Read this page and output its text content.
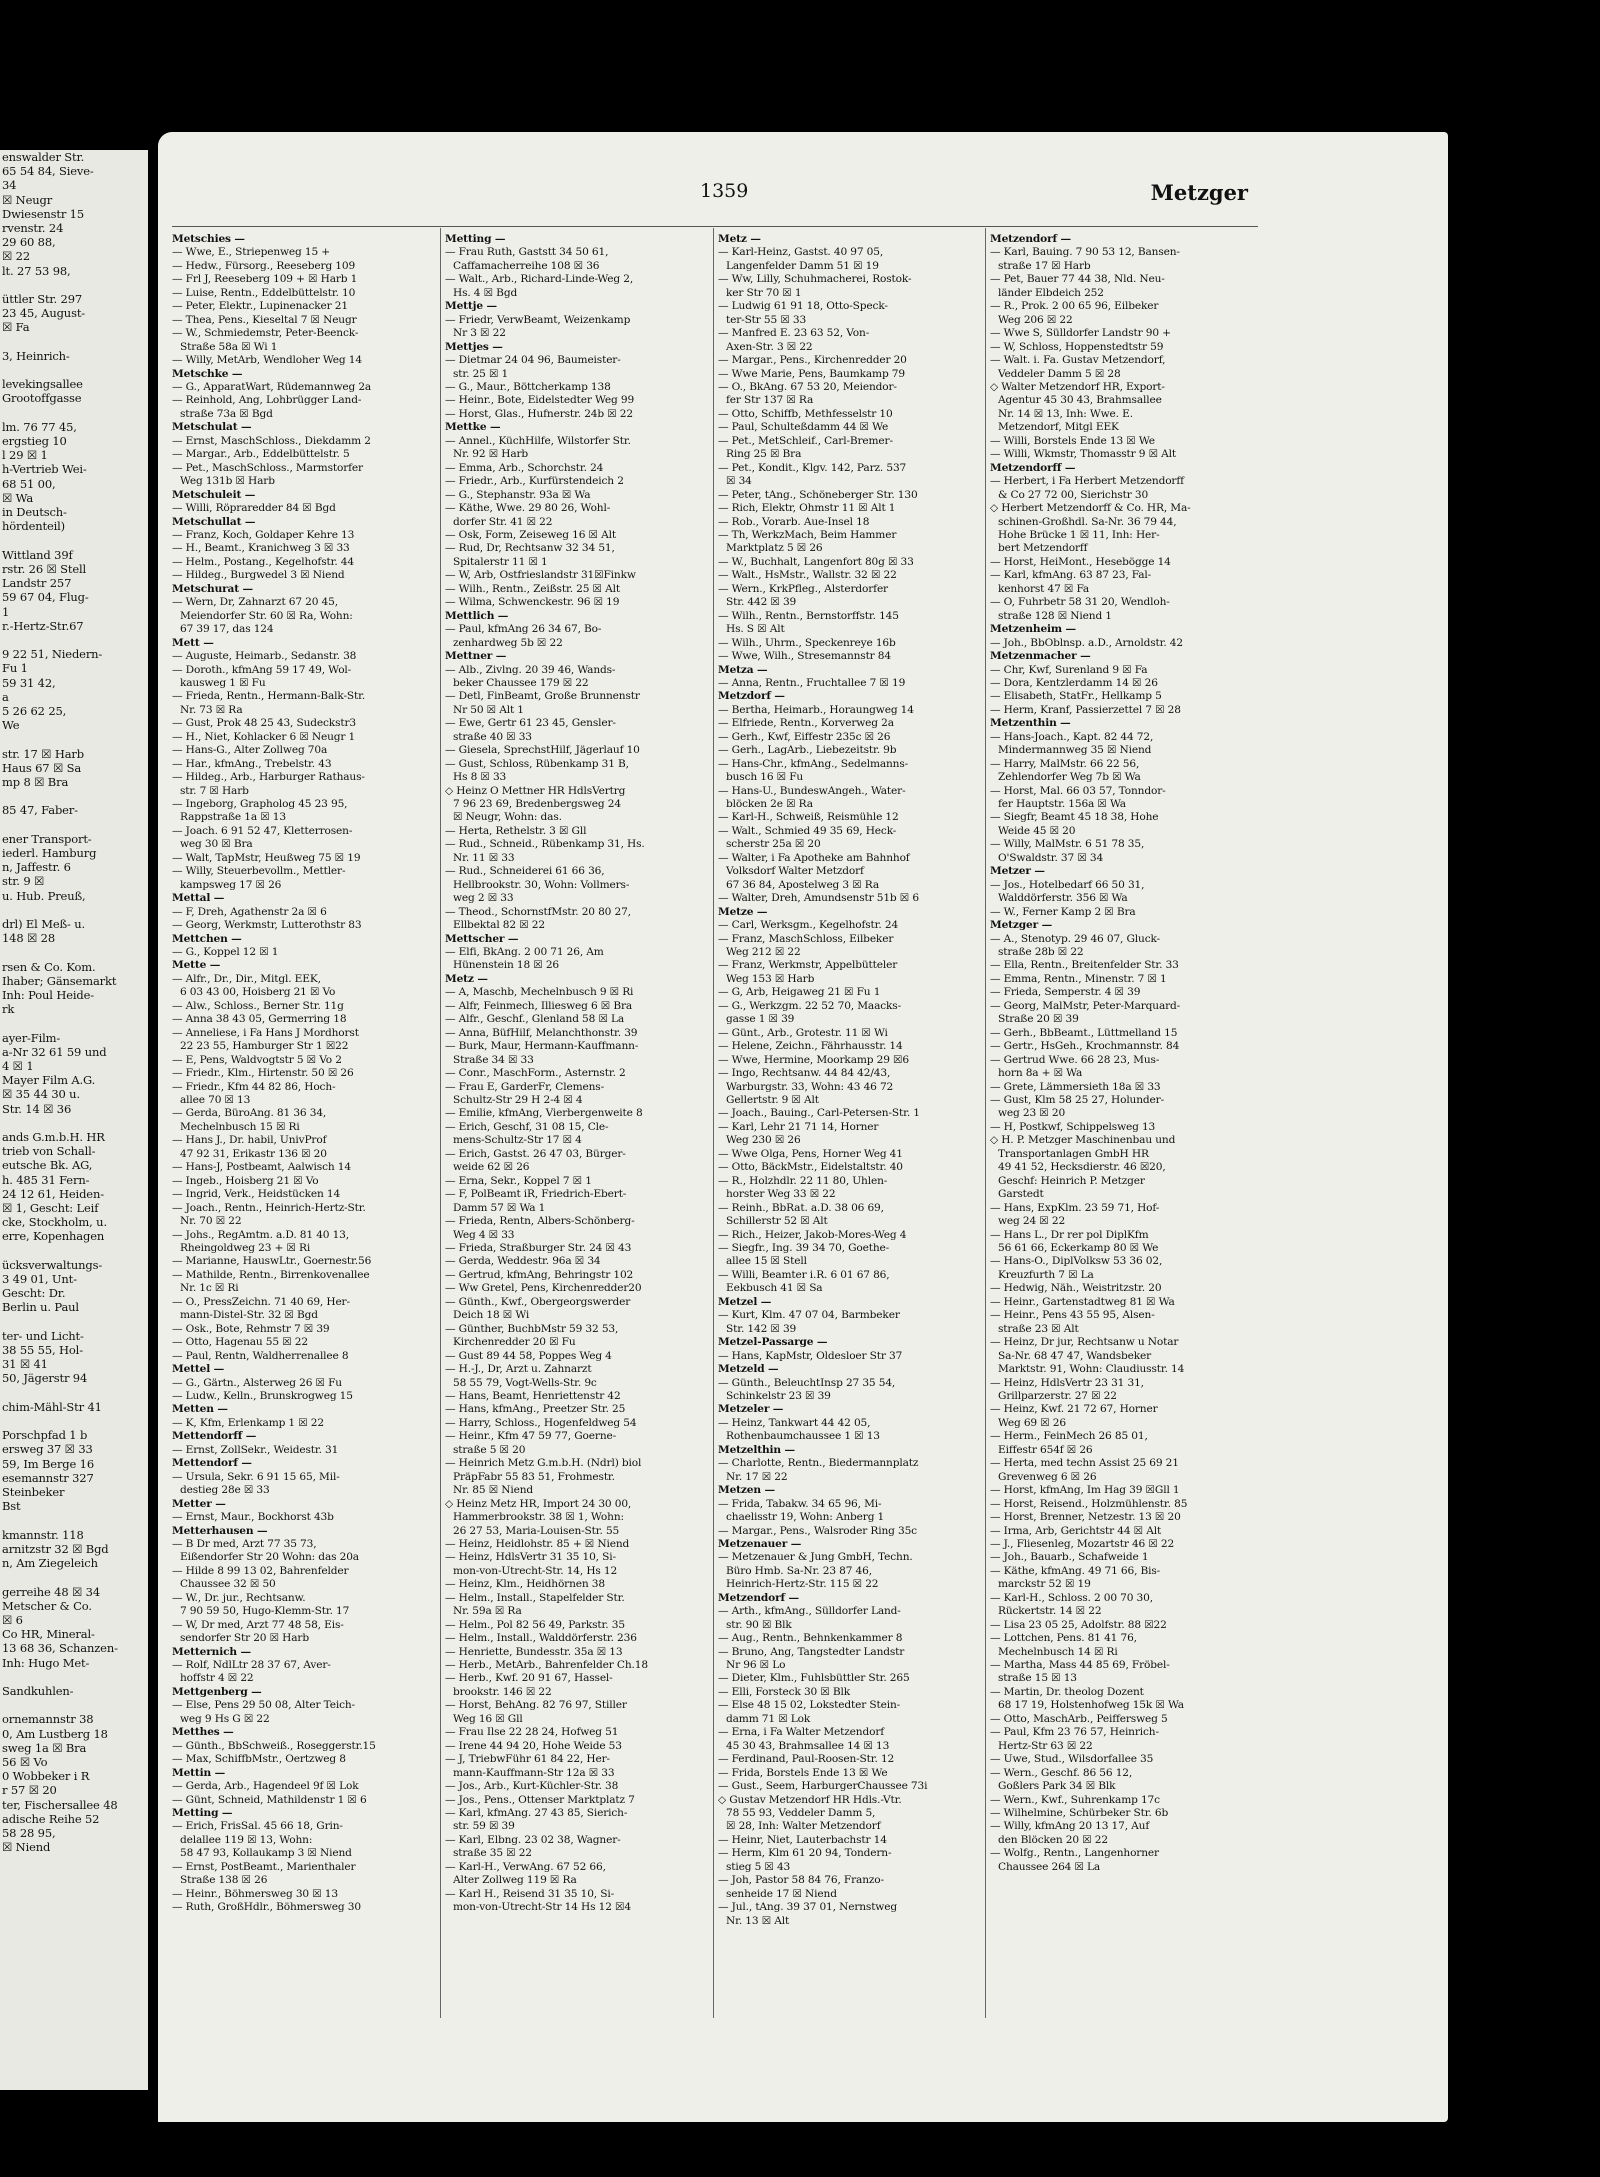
enswalder Str.
65 54 84, Sieve-
34
☒ Neugr
Dwiesenstr 15
rvenstr. 24
29 60 88,
☒ 22
lt. 27 53 98,

üttler Str. 297
23 45, August-
☒ Fa

3, Heinrich-

levekingsallee
Grootoffgasse

lm. 76 77 45,
ergstieg 10
l 29 ☒ 1
h-Vertrieb Wei-
68 51 00,
☒ Wa
in Deutsch-
hördenteil)

Wittland 39f
rstr. 26 ☒ Stell
Landstr 257
59 67 04, Flug-
1
r.-Hertz-Str.67

9 22 51, Niedern-
Fu 1
59 31 42,
a
5 26 62 25,
We

str. 17 ☒ Harb
Haus 67 ☒ Sa
mp 8 ☒ Bra

85 47, Faber-

ener Transport-
iederl. Hamburg
n, Jaffestr. 6
str. 9 ☒
u. Hub. Preuß,

drl) El Meß- u.
148 ☒ 28

rsen & Co. Kom.
Ihaber; Gänsemarkt
Inh: Poul Heide-
rk

ayer-Film-
a-Nr 32 61 59 und
4 ☒ 1
Mayer Film A.G.
☒ 35 44 30 u.
Str. 14 ☒ 36

ands G.m.b.H. HR
trieb von Schall-
eutsche Bk. AG,
h. 485 31 Fern-
24 12 61, Heiden-
☒ 1, Gescht: Leif
cke, Stockholm, u.
erre, Kopenhagen

ücksverwaltungs-
3 49 01, Unt-
Gescht: Dr.
Berlin u. Paul

ter- und Licht-
38 55 55, Hol-
31 ☒ 41
50, Jägerstr 94

chim-Mähl-Str 41

Porschpfad 1 b
ersweg 37 ☒ 33
59, Im Berge 16
esemannstr 327
Steinbeker
Bst

kmannstr. 118
arnitzstr 32 ☒ Bgd
n, Am Ziegeleich

gerreihe 48 ☒ 34
Metscher & Co.
☒ 6
Co HR, Mineral-
13 68 36, Schanzen-
Inh: Hugo Met-

Sandkuhlen-

ornemannstr 38
0, Am Lustberg 18
sweg 1a ☒ Bra
56 ☒ Vo
0 Wobbeker i R
r 57 ☒ 20
ter, Fischersallee 48
adische Reihe 52
58 28 95,
☒ Niend
1359	Metzger
Metschies —
— Wwe, E., Striepenweg 15 +
— Hedw., Fürsorg., Reeseberg 109
— Frl J, Reeseberg 109 + ☒ Harb 1
— Luise, Rentn., Eddelbüttelstr. 10
— Peter, Elektr., Lupinenacker 21
— Thea, Pens., Kieseltal 7 ☒ Neugr
— W., Schmiedemstr, Peter-Beenck-
Straße 58a ☒ Wi 1
— Willy, MetArb, Wendloher Weg 14
Metschke —
— G., ApparatWart, Rüdemannweg 2a
— Reinhold, Ang, Lohbrügger Land-
straße 73a ☒ Bgd
Metschulat —
— Ernst, MaschSchloss., Diekdamm 2
— Margar., Arb., Eddelbüttelstr. 5
— Pet., MaschSchloss., Marmstorfer
Weg 131b ☒ Harb
Metschuleit —
— Willi, Röpraredder 84 ☒ Bgd
Metschullat —
— Franz, Koch, Goldaper Kehre 13
— H., Beamt., Kranichweg 3 ☒ 33
— Helm., Postang., Kegelhofstr. 44
— Hildeg., Burgwedel 3 ☒ Niend
Metschurat —
— Wern, Dr, Zahnarzt 67 20 45,
Meiendorfer Str. 60 ☒ Ra, Wohn:
67 39 17, das 124
Mett —
— Auguste, Heimarb., Sedanstr. 38
— Doroth., kfmAng 59 17 49, Wol-
kausweg 1 ☒ Fu
— Frieda, Rentn., Hermann-Balk-Str.
Nr. 73 ☒ Ra
— Gust, Prok 48 25 43, Sudeckstr3
— H., Niet, Kohlacker 6 ☒ Neugr 1
— Hans-G., Alter Zollweg 70a
— Har., kfmAng., Trebelstr. 43
— Hildeg., Arb., Harburger Rathaus-
str. 7 ☒ Harb
— Ingeborg, Grapholog 45 23 95,
Rappstraße 1a ☒ 13
— Joach. 6 91 52 47, Kletterrosen-
weg 30 ☒ Bra
— Walt, TapMstr, Heußweg 75 ☒ 19
— Willy, Steuerbevollm., Mettler-
kampsweg 17 ☒ 26
Mettal —
— F, Dreh, Agathenstr 2a ☒ 6
— Georg, Werkmstr, Lutterothstr 83
Mettchen —
— G., Koppel 12 ☒ 1
Mette —
— Alfr., Dr., Dir., Mitgl. EEK,
6 03 43 00, Hoisberg 21 ☒ Vo
— Alw., Schloss., Berner Str. 11g
— Anna 38 43 05, Germerring 18
— Anneliese, i Fa Hans J Mordhorst
22 23 55, Hamburger Str 1 ☒22
— E, Pens, Waldvogtstr 5 ☒ Vo 2
— Friedr., Klm., Hirtenstr. 50 ☒ 26
— Friedr., Kfm 44 82 86, Hoch-
allee 70 ☒ 13
— Gerda, BüroAng. 81 36 34,
Mechelnbusch 15 ☒ Ri
— Hans J., Dr. habil, UnivProf
47 92 31, Erikastr 136 ☒ 20
— Hans-J, Postbeamt, Aalwisch 14
— Ingeb., Hoisberg 21 ☒ Vo
— Ingrid, Verk., Heidstücken 14
— Joach., Rentn., Heinrich-Hertz-Str.
Nr. 70 ☒ 22
— Johs., RegAmtm. a.D. 81 40 13,
Rheingoldweg 23 + ☒ Ri
— Marianne, HauswLtr., Goernestr.56
— Mathilde, Rentn., Birrenkovenallee
Nr. 1c ☒ Ri
— O., PressZeichn. 71 40 69, Her-
mann-Distel-Str. 32 ☒ Bgd
— Osk., Bote, Rehmstr 7 ☒ 39
— Otto, Hagenau 55 ☒ 22
— Paul, Rentn, Waldherrenallee 8
Mettel —
— G., Gärtn., Alsterweg 26 ☒ Fu
— Ludw., Kelln., Brunskrogweg 15
Metten —
— K, Kfm, Erlenkamp 1 ☒ 22
Mettendorff —
— Ernst, ZollSekr., Weidestr. 31
Mettendorf —
— Ursula, Sekr. 6 91 15 65, Mil-
destieg 28e ☒ 33
Metter —
— Ernst, Maur., Bockhorst 43b
Metterhausen —
— B Dr med, Arzt 77 35 73,
Eißendorfer Str 20 Wohn: das 20a
— Hilde 8 99 13 02, Bahrenfelder
Chaussee 32 ☒ 50
— W., Dr. jur., Rechtsanw.
7 90 59 50, Hugo-Klemm-Str. 17
— W, Dr med, Arzt 77 48 58, Eis-
sendorfer Str 20 ☒ Harb
Metternich —
— Rolf, NdlLtr 28 37 67, Aver-
hoffstr 4 ☒ 22
Mettgenberg —
— Else, Pens 29 50 08, Alter Teich-
weg 9 Hs G ☒ 22
Metthes —
— Günth., BbSchweiß., Roseggerstr.15
— Max, SchiffbMstr., Oertzweg 8
Mettin —
— Gerda, Arb., Hagendeel 9f ☒ Lok
— Günt, Schneid, Mathildenstr 1 ☒ 6
Metting —
— Erich, FrisSal. 45 66 18, Grin-
delallee 119 ☒ 13, Wohn:
58 47 93, Kollaukamp 3 ☒ Niend
— Ernst, PostBeamt., Marienthaler
Straße 138 ☒ 26
— Heinr., Böhmersweg 30 ☒ 13
— Ruth, GroßHdlr., Böhmersweg 30
Metting —
— Frau Ruth, Gaststt 34 50 61,
Caffamacherreihe 108 ☒ 36
— Walt., Arb., Richard-Linde-Weg 2,
Hs. 4 ☒ Bgd
Mettje —
— Friedr, VerwBeamt, Weizenkamp
Nr 3 ☒ 22
Mettjes —
— Dietmar 24 04 96, Baumeister-
str. 25 ☒ 1
— G., Maur., Böttcherkamp 138
— Heinr., Bote, Eidelstedter Weg 99
— Horst, Glas., Hufnerstr. 24b ☒ 22
Mettke —
— Annel., KüchHilfe, Wilstorfer Str.
Nr. 92 ☒ Harb
— Emma, Arb., Schorchstr. 24
— Friedr., Arb., Kurfürstendeich 2
— G., Stephanstr. 93a ☒ Wa
— Käthe, Wwe. 29 80 26, Wohl-
dorfer Str. 41 ☒ 22
— Osk, Form, Zeiseweg 16 ☒ Alt
— Rud, Dr, Rechtsanw 32 34 51,
Spitalerstr 11 ☒ 1
— W, Arb, Ostfrieslandstr 31☒Finkw
— Wilh., Rentn., Zeißstr. 25 ☒ Alt
— Wilma, Schwenckestr. 96 ☒ 19
Mettlich —
— Paul, kfmAng 26 34 67, Bo-
zenhardweg 5b ☒ 22
Mettner —
— Alb., Zivlng. 20 39 46, Wands-
beker Chaussee 179 ☒ 22
— Detl, FinBeamt, Große Brunnenstr
Nr 50 ☒ Alt 1
— Ewe, Gertr 61 23 45, Gensler-
straße 40 ☒ 33
— Giesela, SprechstHilf, Jägerlauf 10
— Gust, Schloss, Rübenkamp 31 B,
Hs 8 ☒ 33
◇ Heinz O Mettner HR HdlsVertrg
7 96 23 69, Bredenbergsweg 24
☒ Neugr, Wohn: das.
— Herta, Rethelstr. 3 ☒ Gll
— Rud., Schneid., Rübenkamp 31, Hs.
Nr. 11 ☒ 33
— Rud., Schneiderei 61 66 36,
Hellbrookstr. 30, Wohn: Vollmers-
weg 2 ☒ 33
— Theod., SchornstfMstr. 20 80 27,
Ellbektal 82 ☒ 22
Mettscher —
— Elfi, BkAng. 2 00 71 26, Am
Hünenstein 18 ☒ 26
Metz —
— A, Maschb, Mechelnbusch 9 ☒ Ri
— Alfr, Feinmech, Illiesweg 6 ☒ Bra
— Alfr., Geschf., Glenland 58 ☒ La
— Anna, BüfHilf, Melanchthonstr. 39
— Burk, Maur, Hermann-Kauffmann-
Straße 34 ☒ 33
— Conr., MaschForm., Asternstr. 2
— Frau E, GarderFr, Clemens-
Schultz-Str 29 H 2-4 ☒ 4
— Emilie, kfmAng, Vierbergenweite 8
— Erich, Geschf, 31 08 15, Cle-
mens-Schultz-Str 17 ☒ 4
— Erich, Gastst. 26 47 03, Bürger-
weide 62 ☒ 26
— Erna, Sekr., Koppel 7 ☒ 1
— F, PolBeamt iR, Friedrich-Ebert-
Damm 57 ☒ Wa 1
— Frieda, Rentn, Albers-Schönberg-
Weg 4 ☒ 33
— Frieda, Straßburger Str. 24 ☒ 43
— Gerda, Weddestr. 96a ☒ 34
— Gertrud, kfmAng, Behringstr 102
— Ww Gretel, Pens, Kirchenredder20
— Günth., Kwf., Obergeorgswerder
Deich 18 ☒ Wi
— Günther, BuchbMstr 59 32 53,
Kirchenredder 20 ☒ Fu
— Gust 89 44 58, Poppes Weg 4
— H.-J., Dr, Arzt u. Zahnarzt
58 55 79, Vogt-Wells-Str. 9c
— Hans, Beamt, Henriettenstr 42
— Hans, kfmAng., Preetzer Str. 25
— Harry, Schloss., Hogenfeldweg 54
— Heinr., Kfm 47 59 77, Goerne-
straße 5 ☒ 20
— Heinrich Metz G.m.b.H. (Ndrl) biol
PräpFabr 55 83 51, Frohmestr.
Nr. 85 ☒ Niend
◇ Heinz Metz HR, Import 24 30 00,
Hammerbrookstr. 38 ☒ 1, Wohn:
26 27 53, Maria-Louisen-Str. 55
— Heinz, Heidlohstr. 85 + ☒ Niend
— Heinz, HdlsVertr 31 35 10, Si-
mon-von-Utrecht-Str. 14, Hs 12
— Heinz, Klm., Heidhörnen 38
— Helm., Install., Stapelfelder Str.
Nr. 59a ☒ Ra
— Helm., Pol 82 56 49, Parkstr. 35
— Helm., Install., Walddörferstr. 236
— Henriette, Bundesstr. 35a ☒ 13
— Herb., MetArb., Bahrenfelder Ch.18
— Herb., Kwf. 20 91 67, Hassel-
brookstr. 146 ☒ 22
— Horst, BehAng. 82 76 97, Stiller
Weg 16 ☒ Gll
— Frau Ilse 22 28 24, Hofweg 51
— Irene 44 94 20, Hohe Weide 53
— J, TriebwFühr 61 84 22, Her-
mann-Kauffmann-Str 12a ☒ 33
— Jos., Arb., Kurt-Küchler-Str. 38
— Jos., Pens., Ottenser Marktplatz 7
— Karl, kfmAng. 27 43 85, Sierich-
str. 59 ☒ 39
— Karl, Elbng. 23 02 38, Wagner-
straße 35 ☒ 22
— Karl-H., VerwAng. 67 52 66,
Alter Zollweg 119 ☒ Ra
— Karl H., Reisend 31 35 10, Si-
mon-von-Utrecht-Str 14 Hs 12 ☒4
Metz —
— Karl-Heinz, Gastst. 40 97 05,
Langenfelder Damm 51 ☒ 19
— Ww, Lilly, Schuhmacherei, Rostok-
ker Str 70 ☒ 1
— Ludwig 61 91 18, Otto-Speck-
ter-Str 55 ☒ 33
— Manfred E. 23 63 52, Von-
Axen-Str. 3 ☒ 22
— Margar., Pens., Kirchenredder 20
— Wwe Marie, Pens, Baumkamp 79
— O., BkAng. 67 53 20, Meiendor-
fer Str 137 ☒ Ra
— Otto, Schiffb, Methfesselstr 10
— Paul, Schulteßdamm 44 ☒ We
— Pet., MetSchleif., Carl-Bremer-
Ring 25 ☒ Bra
— Pet., Kondit., Klgv. 142, Parz. 537
☒ 34
— Peter, tAng., Schöneberger Str. 130
— Rich, Elektr, Ohmstr 11 ☒ Alt 1
— Rob., Vorarb. Aue-Insel 18
— Th, WerkzMach, Beim Hammer
Marktplatz 5 ☒ 26
— W., Buchhalt, Langenfort 80g ☒ 33
— Walt., HsMstr., Wallstr. 32 ☒ 22
— Wern., KrkPfleg., Alsterdorfer
Str. 442 ☒ 39
— Wilh., Rentn., Bernstorffstr. 145
Hs. S ☒ Alt
— Wilh., Uhrm., Speckenreye 16b
— Wwe, Wilh., Stresemannstr 84
Metza —
— Anna, Rentn., Fruchtallee 7 ☒ 19
Metzdorf —
— Bertha, Heimarb., Horaungweg 14
— Elfriede, Rentn., Korverweg 2a
— Gerh., Kwf, Eiffestr 235c ☒ 26
— Gerh., LagArb., Liebezeitstr. 9b
— Hans-Chr., kfmAng., Sedelmanns-
busch 16 ☒ Fu
— Hans-U., BundeswAngeh., Water-
blöcken 2e ☒ Ra
— Karl-H., Schweiß, Reismühle 12
— Walt., Schmied 49 35 69, Heck-
scherstr 25a ☒ 20
— Walter, i Fa Apotheke am Bahnhof
Volksdorf Walter Metzdorf
67 36 84, Apostelweg 3 ☒ Ra
— Walter, Dreh, Amundsenstr 51b ☒ 6
Metze —
— Carl, Werksgm., Kegelhofstr. 24
— Franz, MaschSchloss, Eilbeker
Weg 212 ☒ 22
— Franz, Werkmstr, Appelbütteler
Weg 153 ☒ Harb
— G, Arb, Heigaweg 21 ☒ Fu 1
— G., Werkzgm. 22 52 70, Maacks-
gasse 1 ☒ 39
— Günt., Arb., Grotestr. 11 ☒ Wi
— Helene, Zeichn., Fährhausstr. 14
— Wwe, Hermine, Moorkamp 29 ☒6
— Ingo, Rechtsanw. 44 84 42/43,
Warburgstr. 33, Wohn: 43 46 72
Gellertstr. 9 ☒ Alt
— Joach., Bauing., Carl-Petersen-Str. 1
— Karl, Lehr 21 71 14, Horner
Weg 230 ☒ 26
— Wwe Olga, Pens, Horner Weg 41
— Otto, BäckMstr., Eidelstaltstr. 40
— R., Holzhdlr. 22 11 80, Uhlen-
horster Weg 33 ☒ 22
— Reinh., BbRat. a.D. 38 06 69,
Schillerstr 52 ☒ Alt
— Rich., Heizer, Jakob-Mores-Weg 4
— Siegfr., Ing. 39 34 70, Goethe-
allee 15 ☒ Stell
— Willi, Beamter i.R. 6 01 67 86,
Eekbusch 41 ☒ Sa
Metzel —
— Kurt, Klm. 47 07 04, Barmbeker
Str. 142 ☒ 39
Metzel-Passarge —
— Hans, KapMstr, Oldesloer Str 37
Metzeld —
— Günth., BeleuchtInsp 27 35 54,
Schinkelstr 23 ☒ 39
Metzeler —
— Heinz, Tankwart 44 42 05,
Rothenbaumchaussee 1 ☒ 13
Metzelthin —
— Charlotte, Rentn., Biedermannplatz
Nr. 17 ☒ 22
Metzen —
— Frida, Tabakw. 34 65 96, Mi-
chaelisstr 19, Wohn: Anberg 1
— Margar., Pens., Walsroder Ring 35c
Metzenauer —
— Metzenauer & Jung GmbH, Techn.
Büro Hmb. Sa-Nr. 23 87 46,
Heinrich-Hertz-Str. 115 ☒ 22
Metzendorf —
— Arth., kfmAng., Sülldorfer Land-
str. 90 ☒ Blk
— Aug., Rentn., Behnkenkammer 8
— Bruno, Ang, Tangstedter Landstr
Nr 96 ☒ Lo
— Dieter, Klm., Fuhlsbüttler Str. 265
— Elli, Forsteck 30 ☒ Blk
— Else 48 15 02, Lokstedter Stein-
damm 71 ☒ Lok
— Erna, i Fa Walter Metzendorf
45 30 43, Brahmsallee 14 ☒ 13
— Ferdinand, Paul-Roosen-Str. 12
— Frida, Borstels Ende 13 ☒ We
— Gust., Seem, HarburgerChaussee 73i
◇ Gustav Metzendorf HR Hdls.-Vtr.
78 55 93, Veddeler Damm 5,
☒ 28, Inh: Walter Metzendorf
— Heinr, Niet, Lauterbachstr 14
— Herm, Klm 61 20 94, Tondern-
stieg 5 ☒ 43
— Joh, Pastor 58 84 76, Franzo-
senheide 17 ☒ Niend
— Jul., tAng. 39 37 01, Nernstweg
Nr. 13 ☒ Alt
Metzendorf —
— Karl, Bauing. 7 90 53 12, Bansen-
straße 17 ☒ Harb
— Pet, Bauer 77 44 38, Nld. Neu-
länder Elbdeich 252
— R., Prok. 2 00 65 96, Eilbeker
Weg 206 ☒ 22
— Wwe S, Sülldorfer Landstr 90 +
— W, Schloss, Hoppenstedtstr 59
— Walt. i. Fa. Gustav Metzendorf,
Veddeler Damm 5 ☒ 28
◇ Walter Metzendorf HR, Export-
Agentur 45 30 43, Brahmsallee
Nr. 14 ☒ 13, Inh: Wwe. E.
Metzendorf, Mitgl EEK
— Willi, Borstels Ende 13 ☒ We
— Willi, Wkmstr, Thomasstr 9 ☒ Alt
Metzendorff —
— Herbert, i Fa Herbert Metzendorff
& Co 27 72 00, Sierichstr 30
◇ Herbert Metzendorff & Co. HR, Ma-
schinen-Großhdl. Sa-Nr. 36 79 44,
Hohe Brücke 1 ☒ 11, Inh: Her-
bert Metzendorff
— Horst, HeiMont., Hesebögge 14
— Karl, kfmAng. 63 87 23, Fal-
kenhorst 47 ☒ Fa
— O, Fuhrbetr 58 31 20, Wendloh-
straße 128 ☒ Niend 1
Metzenheim —
— Joh., BbOblnsp. a.D., Arnoldstr. 42
Metzenmacher —
— Chr, Kwf, Surenland 9 ☒ Fa
— Dora, Kentzlerdamm 14 ☒ 26
— Elisabeth, StatFr., Hellkamp 5
— Herm, Kranf, Passierzettel 7 ☒ 28
Metzenthin —
— Hans-Joach., Kapt. 82 44 72,
Mindermannweg 35 ☒ Niend
— Harry, MalMstr. 66 22 56,
Zehlendorfer Weg 7b ☒ Wa
— Horst, Mal. 66 03 57, Tonndor-
fer Hauptstr. 156a ☒ Wa
— Siegfr, Beamt 45 18 38, Hohe
Weide 45 ☒ 20
— Willy, MalMstr. 6 51 78 35,
O'Swaldstr. 37 ☒ 34
Metzer —
— Jos., Hotelbedarf 66 50 31,
Walddörferstr. 356 ☒ Wa
— W., Ferner Kamp 2 ☒ Bra
Metzger —
— A., Stenotyp. 29 46 07, Gluck-
straße 28b ☒ 22
— Ella, Rentn., Breitenfelder Str. 33
— Emma, Rentn., Minenstr. 7 ☒ 1
— Frieda, Semperstr. 4 ☒ 39
— Georg, MalMstr, Peter-Marquard-
Straße 20 ☒ 39
— Gerh., BbBeamt., Lüttmelland 15
— Gertr., HsGeh., Krochmannstr. 84
— Gertrud Wwe. 66 28 23, Mus-
horn 8a + ☒ Wa
— Grete, Lämmersieth 18a ☒ 33
— Gust, Klm 58 25 27, Holunder-
weg 23 ☒ 20
— H, Postkwf, Schippelsweg 13
◇ H. P. Metzger Maschinenbau und
Transportanlagen GmbH HR
49 41 52, Hecksdierstr. 46 ☒20,
Geschf: Heinrich P. Metzger
Garstedt
— Hans, ExpKlm. 23 59 71, Hof-
weg 24 ☒ 22
— Hans L., Dr rer pol DiplKfm
56 61 66, Eckerkamp 80 ☒ We
— Hans-O., DiplVolksw 53 36 02,
Kreuzfurth 7 ☒ La
— Hedwig, Näh., Weistritzstr. 20
— Heinr., Gartenstadtweg 81 ☒ Wa
— Heinr., Pens 43 55 95, Alsen-
straße 23 ☒ Alt
— Heinz, Dr jur, Rechtsanw u Notar
Sa-Nr. 68 47 47, Wandsbeker
Marktstr. 91, Wohn: Claudiusstr. 14
— Heinz, HdlsVertr 23 31 31,
Grillparzerstr. 27 ☒ 22
— Heinz, Kwf. 21 72 67, Horner
Weg 69 ☒ 26
— Herm., FeinMech 26 85 01,
Eiffestr 654f ☒ 26
— Herta, med techn Assist 25 69 21
Grevenweg 6 ☒ 26
— Horst, kfmAng, Im Hag 39 ☒Gll 1
— Horst, Reisend., Holzmühlenstr. 85
— Horst, Brenner, Netzestr. 13 ☒ 20
— Irma, Arb, Gerichtstr 44 ☒ Alt
— J., Fliesenleg, Mozartstr 46 ☒ 22
— Joh., Bauarb., Schafweide 1
— Käthe, kfmAng. 49 71 66, Bis-
marckstr 52 ☒ 19
— Karl-H., Schloss. 2 00 70 30,
Rückertstr. 14 ☒ 22
— Lisa 23 05 25, Adolfstr. 88 ☒22
— Lottchen, Pens. 81 41 76,
Mechelnbusch 14 ☒ Ri
— Martha, Mass 44 85 69, Fröbel-
straße 15 ☒ 13
— Martin, Dr. theolog Dozent
68 17 19, Holstenhofweg 15k ☒ Wa
— Otto, MaschArb., Peiffersweg 5
— Paul, Kfm 23 76 57, Heinrich-
Hertz-Str 63 ☒ 22
— Uwe, Stud., Wilsdorfallee 35
— Wern., Geschf. 86 56 12,
Goßlers Park 34 ☒ Blk
— Wern., Kwf., Suhrenkamp 17c
— Wilhelmine, Schürbeker Str. 6b
— Willy, kfmAng 20 13 17, Auf
den Blöcken 20 ☒ 22
— Wolfg., Rentn., Langenhorner
Chaussee 264 ☒ La
